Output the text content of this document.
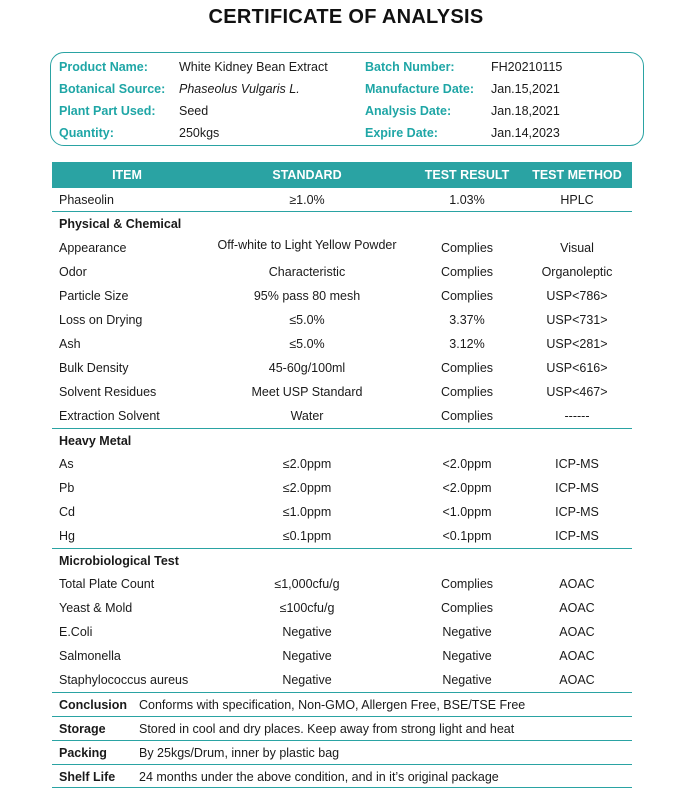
CERTIFICATE OF ANALYSIS
Product Name: White Kidney Bean Extract	Batch Number:	FH20210115
Botanical Source: Phaseolus Vulgaris L.	Manufacture Date: Jan.15,2021
Plant Part Used: Seed	Analysis Date:	Jan.18,2021
Quantity:	250kgs	Expire Date:	Jan.14,2023
ITEM	STANDARD	TEST RESULT	TEST METHOD
Phaseolin	≥1.0%	1.03%	HPLC
Physical & Chemical
Appearance	Off-white to Light Yellow Powder	Complies	Visual
Odor	Characteristic	Complies	Organoleptic
Particle Size	95% pass 80 mesh	Complies	USP<786>
Loss on Drying	≤5.0%	3.37%	USP<731>
Ash	≤5.0%	3.12%	USP<281>
Bulk Density	45-60g/100ml	Complies	USP<616>
Solvent Residues	Meet USP Standard	Complies	USP<467>
Extraction Solvent	Water	Complies	------
Heavy Metal
As	≤2.0ppm	<2.0ppm	ICP-MS
Pb	≤2.0ppm	<2.0ppm	ICP-MS
Cd	≤1.0ppm	<1.0ppm	ICP-MS
Hg	≤0.1ppm	<0.1ppm	ICP-MS
Microbiological Test
Total Plate Count	≤1,000cfu/g	Complies	AOAC
Yeast & Mold	≤100cfu/g	Complies	AOAC
E.Coli	Negative	Negative	AOAC
Salmonella	Negative	Negative	AOAC
Staphylococcus aureus	Negative	Negative	AOAC
Conclusion Conforms with specification, Non-GMO, Allergen Free, BSE/TSE Free
Storage	Stored in cool and dry places. Keep away from strong light and heat
Packing	By 25kgs/Drum, inner by plastic bag
Shelf Life 24 months under the above condition, and in it’s original package
